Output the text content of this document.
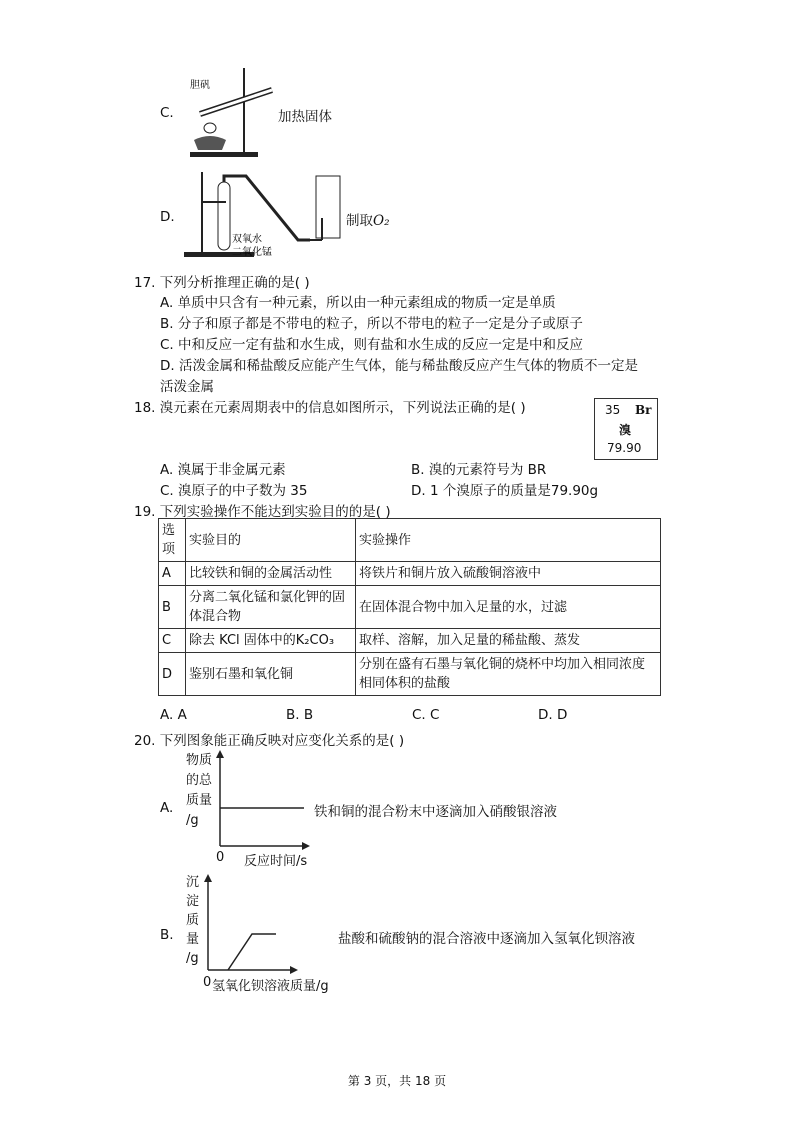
C.
胆矾
加热固体
D.
双氧水
二氧化锰
制取O₂
17. 下列分析推理正确的是( )
A. 单质中只含有一种元素，所以由一种元素组成的物质一定是单质
B. 分子和原子都是不带电的粒子，所以不带电的粒子一定是分子或原子
C. 中和反应一定有盐和水生成，则有盐和水生成的反应一定是中和反应
D. 活泼金属和稀盐酸反应能产生气体，能与稀盐酸反应产生气体的物质不一定是
活泼金属
18. 溴元素在元素周期表中的信息如图所示，下列说法正确的是( )	35 Br
溴
79.90
A. 溴属于非金属元素	B. 溴的元素符号为 BR
C. 溴原子的中子数为 35	D. 1 个溴原子的质量是79.90g
19. 下列实验操作不能达到实验目的的是( )
选项	实验目的	实验操作
A	比较铁和铜的金属活动性	将铁片和铜片放入硫酸铜溶液中
B	分离二氧化锰和氯化钾的固体混合物	在固体混合物中加入足量的水，过滤
C	除去 KCl 固体中的K₂CO₃	取样、溶解，加入足量的稀盐酸、蒸发
D	鉴别石墨和氧化铜	分别在盛有石墨与氧化铜的烧杯中均加入相同浓度相同体积的盐酸
A. A	B. B	C. C	D. D
20. 下列图象能正确反映对应变化关系的是( )
A.
物质
的总
质量
/g
0 反应时间/s
铁和铜的混合粉末中逐滴加入硝酸银溶液
B.
沉
淀
质
量
/g
0 氢氧化钡溶液质量/g
盐酸和硫酸钠的混合溶液中逐滴加入氢氧化钡溶液
第 3 页，共 18 页
